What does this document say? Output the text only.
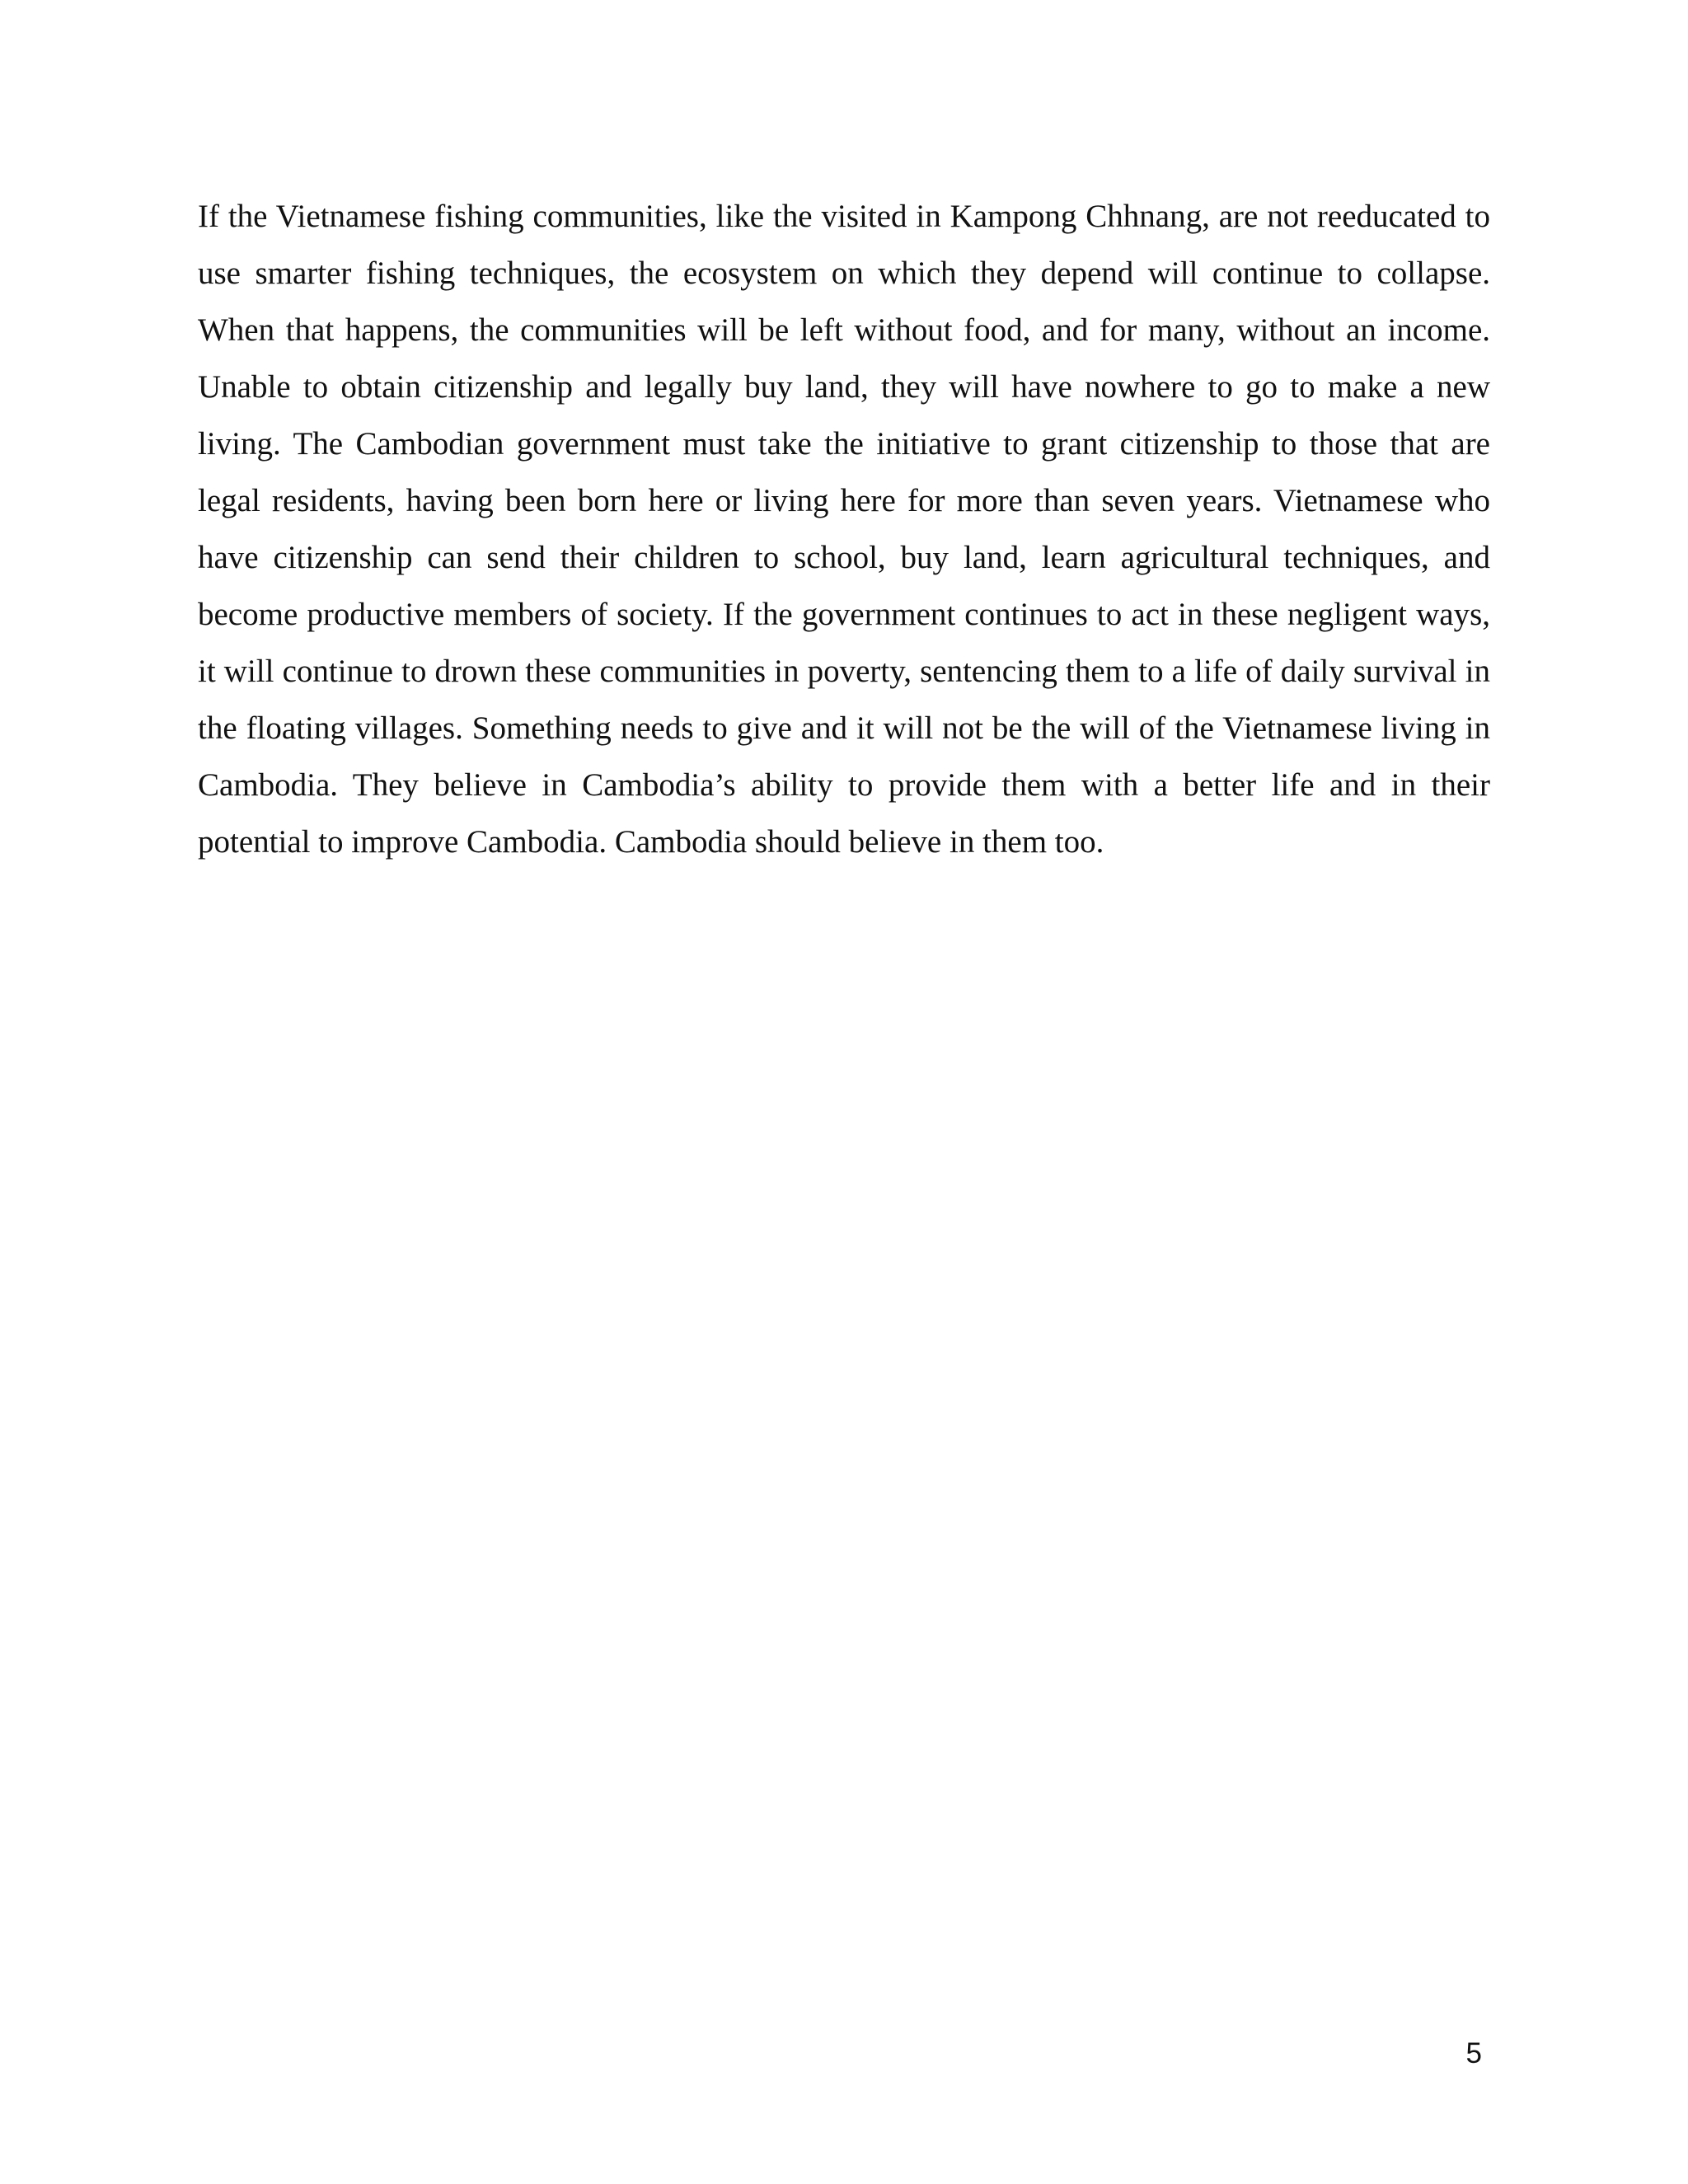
If the Vietnamese fishing communities, like the visited in Kampong Chhnang, are not reeducated to use smarter fishing techniques, the ecosystem on which they depend will continue to collapse. When that happens, the communities will be left without food, and for many, without an income. Unable to obtain citizenship and legally buy land, they will have nowhere to go to make a new living. The Cambodian government must take the initiative to grant citizenship to those that are legal residents, having been born here or living here for more than seven years. Vietnamese who have citizenship can send their children to school, buy land, learn agricultural techniques, and become productive members of society. If the government continues to act in these negligent ways, it will continue to drown these communities in poverty, sentencing them to a life of daily survival in the floating villages. Something needs to give and it will not be the will of the Vietnamese living in Cambodia. They believe in Cambodia’s ability to provide them with a better life and in their potential to improve Cambodia. Cambodia should believe in them too.

5
